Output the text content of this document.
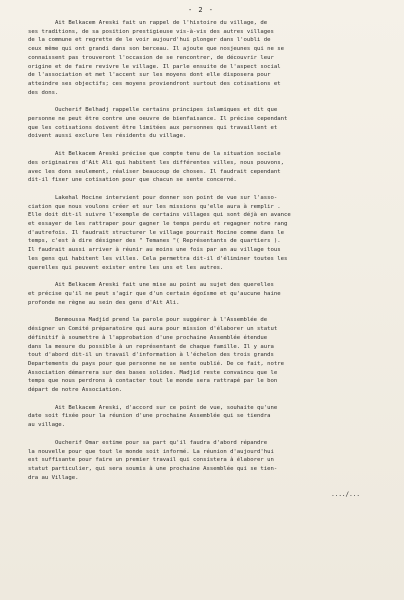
- 2 -
Ait Belkacem Areski fait un rappel de l'histoire du village, de
ses traditions, de sa position prestigieuse vis-à-vis des autres villages
de la commune et regrette de le voir aujourd'hui plonger dans l'oubli de
ceux même qui ont grandi dans son berceau. Il ajoute que nosjeunes qui ne se
connaissent pas trouveront l'occasion de se rencontrer, de découvrir leur
origine et de faire revivre le village. Il parle ensuite de l'aspect social
de l'association et met l'accent sur les moyens dont elle disposera pour
atteindre ses objectifs; ces moyens proviendront surtout des cotisations et
des dons.
Oucherif Belhadj rappelle certains principes islamiques et dit que
personne ne peut être contre une oeuvre de bienfaisance. Il précise cependant
que les cotisations doivent être limitées aux personnes qui travaillent et
doivent aussi exclure les résidents du village.
Ait Belkacem Areski précise que compte tenu de la situation sociale
des originaires d'Ait Ali qui habitent les différentes villes, nous pouvons,
avec les dons seulement, réaliser beaucoup de choses. Il faudrait cependant
dit-il fixer une cotisation pour que chacun se sente concerné.
Lakehal Hocine intervient pour donner son point de vue sur l'asso-
ciation que nous voulons créer et sur les missions qu'elle aura à remplir .
Elle doit dit-il suivre l'exemple de certains villages qui sont déjà en avance
et essayer de les rattraper pour gagner le temps perdu et regagner notre rang
d'autrefois. Il faudrait structurer le village pourrait Hocine comme dans le
temps, c'est à dire désigner des " Temanes "( Représentants de quartiers ).
Il faudrait aussi arriver à réunir au moins une fois par an au village tous
les gens qui habitent les villes. Cela permettra dit-il d'éliminer toutes les
querelles qui peuvent exister entre les uns et les autres.
Ait Belkacem Areski fait une mise au point au sujet des querelles
et précise qu'il ne peut s'agir que d'un certain égoïsme et qu'aucune haine
profonde ne règne au sein des gens d'Ait Ali.
Benmoussa Madjid prend la parole pour suggérer à l'Assemblée de
désigner un Comité préparatoire qui aura pour mission d'élaborer un statut
définitif à soumettre à l'approbation d'une prochaine Assemblée étendue
dans la mesure du possible à un représentant de chaque famille. Il y aura
tout d'abord dit-il un travail d'information à l'échelon des trois grands
Departements du pays pour que personne ne se sente oublié. De ce fait, notre
Association démarrera sur des bases solides. Madjid reste convaincu que le
temps que nous perdrons à contacter tout le monde sera rattrapé par le bon
départ de notre Association.
Ait Belkacem Areski, d'accord sur ce point de vue, souhaite qu'une
date soit fixée pour la réunion d'une prochaine Assemblée qui se tiendra
au village.
Oucherif Omar estime pour sa part qu'il faudra d'abord répandre
la nouvelle pour que tout le monde soit informé. La réunion d'aujourd'hui
est suffisante pour faire un premier travail qui consistera à élaborer un
statut particulier, qui sera soumis à une prochaine Assemblée qui se tien-
dra au Village.
..../...
